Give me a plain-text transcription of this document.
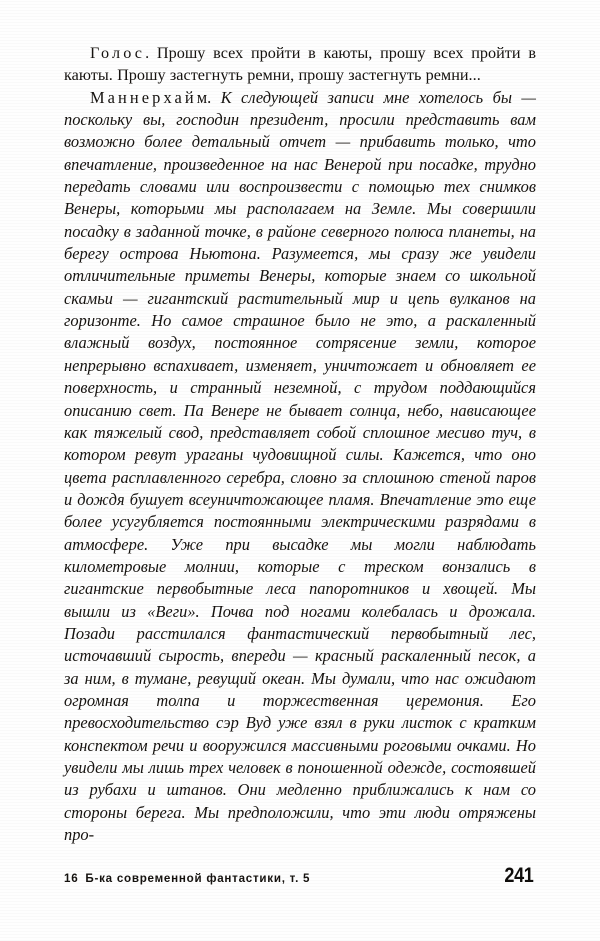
Голос. Прошу всех пройти в каюты, прошу всех пройти в каюты. Прошу застегнуть ремни, прошу застегнуть ремни...

Маннерхайм. К следующей записи мне хотелось бы — поскольку вы, господин президент, просили представить вам возможно более детальный отчет — прибавить только, что впечатление, произведенное на нас Венерой при посадке, трудно передать словами или воспроизвести с помощью тех снимков Венеры, которыми мы располагаем на Земле. Мы совершили посадку в заданной точке, в районе северного полюса планеты, на берегу острова Ньютона. Разумеется, мы сразу же увидели отличительные приметы Венеры, которые знаем со школьной скамьи — гигантский растительный мир и цепь вулканов на горизонте. Но самое страшное было не это, а раскаленный влажный воздух, постоянное сотрясение земли, которое непрерывно вспахивает, изменяет, уничтожает и обновляет ее поверхность, и странный неземной, с трудом поддающийся описанию свет. Па Венере не бывает солнца, небо, нависающее как тяжелый свод, представляет собой сплошное месиво туч, в котором ревут ураганы чудовищной силы. Кажется, что оно цвета расплавленного серебра, словно за сплошною стеной паров и дождя бушует всеуничтожающее пламя. Впечатление это еще более усугубляется постоянными электрическими разрядами в атмосфере. Уже при высадке мы могли наблюдать километровые молнии, которые с треском вонзались в гигантские первобытные леса папоротников и хвощей. Мы вышли из «Веги». Почва под ногами колебалась и дрожала. Позади расстилался фантастический первобытный лес, источавший сырость, впереди — красный раскаленный песок, а за ним, в тумане, ревущий океан. Мы думали, что нас ожидают огромная толпа и торжественная церемония. Его превосходительство сэр Вуд уже взял в руки листок с кратким конспектом речи и вооружился массивными роговыми очками. Но увидели мы лишь трех человек в поношенной одежде, состоявшей из рубахи и штанов. Они медленно приближались к нам со стороны берега. Мы предположили, что эти люди отряжены про-

16 Б-ка современной фантастики, т. 5	241
